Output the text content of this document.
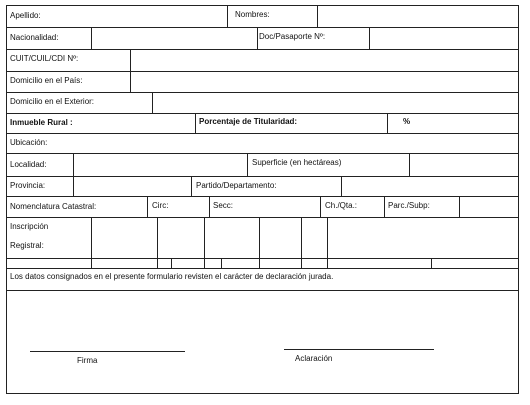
Apellido:	Nombres:
Nacionalidad:	Doc/Pasaporte Nº:
CUIT/CUIL/CDI Nº:
Domicilio en el País:
Domicilio en el Exterior:
Inmueble Rural :	Porcentaje de Titularidad:	%
Ubicación:
Localidad:	Superficie (en hectáreas)
Provincia:	Partido/Departamento:
Nomenclatura Catastral:	Circ:	Secc:	Ch./Qta.:	Parc./Subp:
Inscripción
Registral:
Los datos consignados en el presente formulario revisten el carácter de declaración jurada.
Firma	Aclaración
